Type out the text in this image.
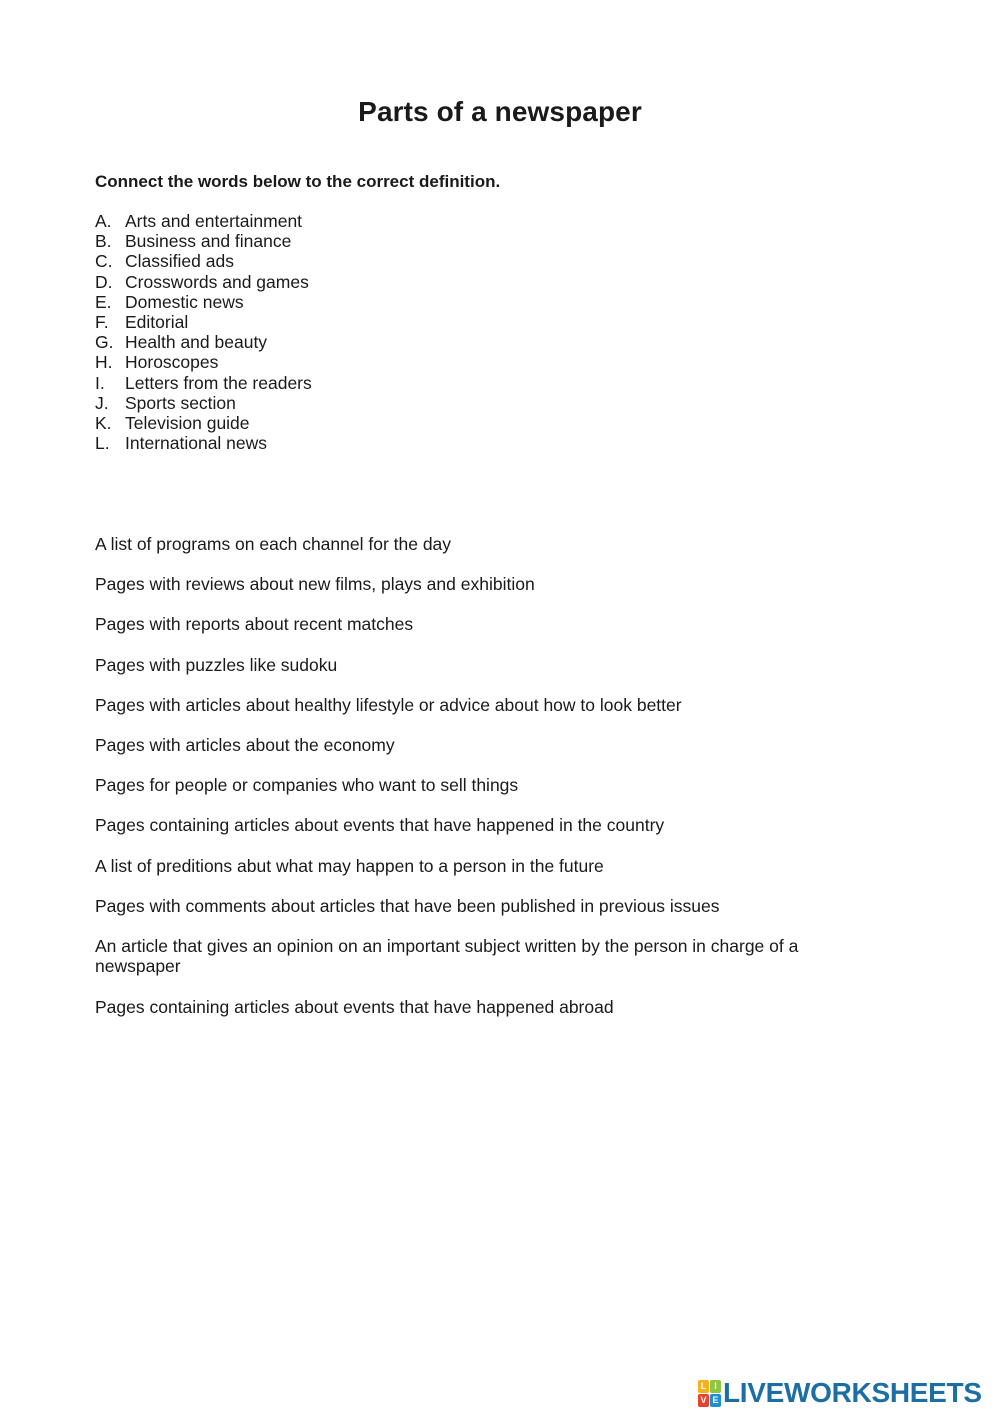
Parts of a newspaper

Connect the words below to the correct definition.

A. Arts and entertainment
B. Business and finance
C. Classified ads
D. Crosswords and games
E. Domestic news
F. Editorial
G. Health and beauty
H. Horoscopes
I.	Letters from the readers
J. Sports section
K. Television guide
L. International news
A list of programs on each channel for the day
Pages with reviews about new films, plays and exhibition
Pages with reports about recent matches
Pages with puzzles like sudoku
Pages with articles about healthy lifestyle or advice about how to look better
Pages with articles about the economy
Pages for people or companies who want to sell things
Pages containing articles about events that have happened in the country
A list of preditions abut what may happen to a person in the future
Pages with comments about articles that have been published in previous issues
An article that gives an opinion on an important subject written by the person in charge of a newspaper
Pages containing articles about events that have happened abroad
L I
V E LIVEWORKSHEETS
